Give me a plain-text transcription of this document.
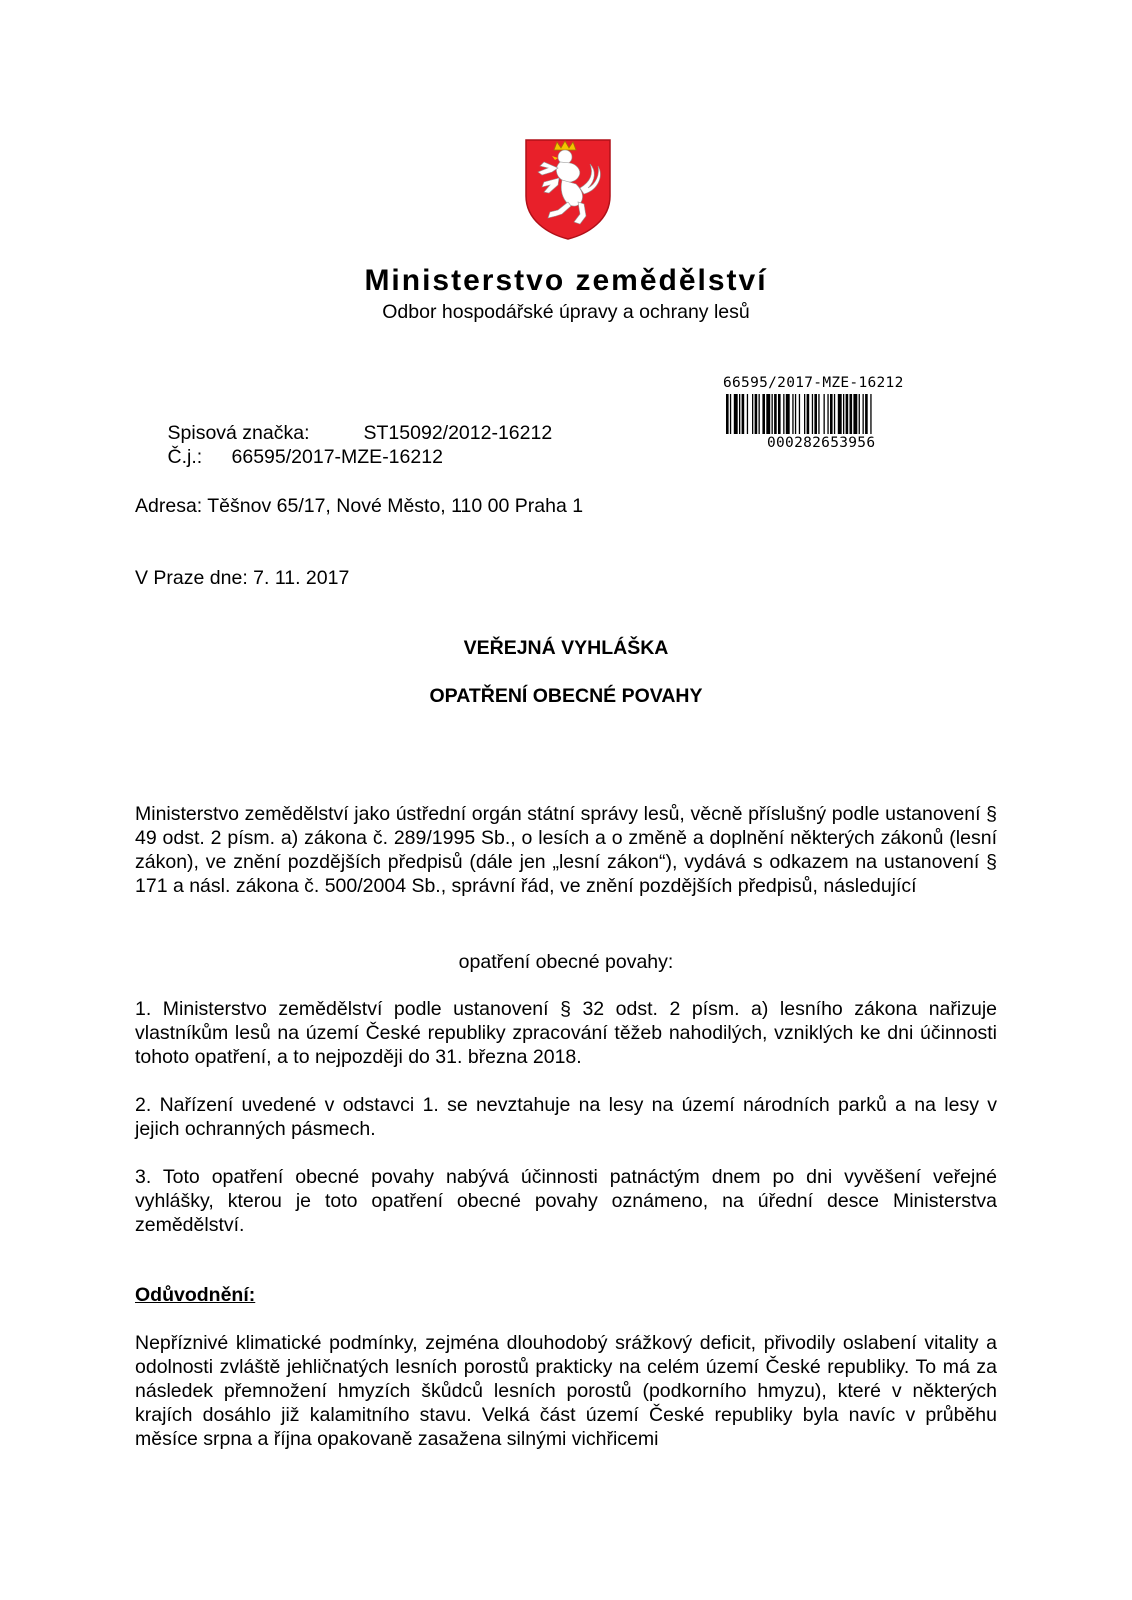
Ministerstvo zemědělství
Odbor hospodářské úpravy a ochrany lesů

Spisová značka:	ST15092/2012-16212

Č.j.: 66595/2017-MZE-16212

66595/2017-MZE-16212
000282653956
Adresa: Těšnov 65/17, Nové Město, 110 00 Praha 1
V Praze dne: 7. 11. 2017
VEŘEJNÁ VYHLÁŠKA
OPATŘENÍ OBECNÉ POVAHY
Ministerstvo zemědělství jako ústřední orgán státní správy lesů, věcně příslušný podle ustanovení § 49 odst. 2 písm. a) zákona č. 289/1995 Sb., o lesích a o změně a doplnění některých zákonů (lesní zákon), ve znění pozdějších předpisů (dále jen „lesní zákon“), vydává s odkazem na ustanovení § 171 a násl. zákona č. 500/2004 Sb., správní řád, ve znění pozdějších předpisů, následující
opatření obecné povahy:
1. Ministerstvo zemědělství podle ustanovení § 32 odst. 2 písm. a) lesního zákona nařizuje vlastníkům lesů na území České republiky zpracování těžeb nahodilých, vzniklých ke dni účinnosti tohoto opatření, a to nejpozději do 31. března 2018.
2. Nařízení uvedené v odstavci 1. se nevztahuje na lesy na území národních parků a na lesy v jejich ochranných pásmech.
3. Toto opatření obecné povahy nabývá účinnosti patnáctým dnem po dni vyvěšení veřejné vyhlášky, kterou je toto opatření obecné povahy oznámeno, na úřední desce Ministerstva zemědělství.
Odůvodnění:
Nepříznivé klimatické podmínky, zejména dlouhodobý srážkový deficit, přivodily oslabení vitality a odolnosti zvláště jehličnatých lesních porostů prakticky na celém území České republiky. To má za následek přemnožení hmyzích škůdců lesních porostů (podkorního hmyzu), které v některých krajích dosáhlo již kalamitního stavu. Velká část území České republiky byla navíc v průběhu měsíce srpna a října opakovaně zasažena silnými vichřicemi
